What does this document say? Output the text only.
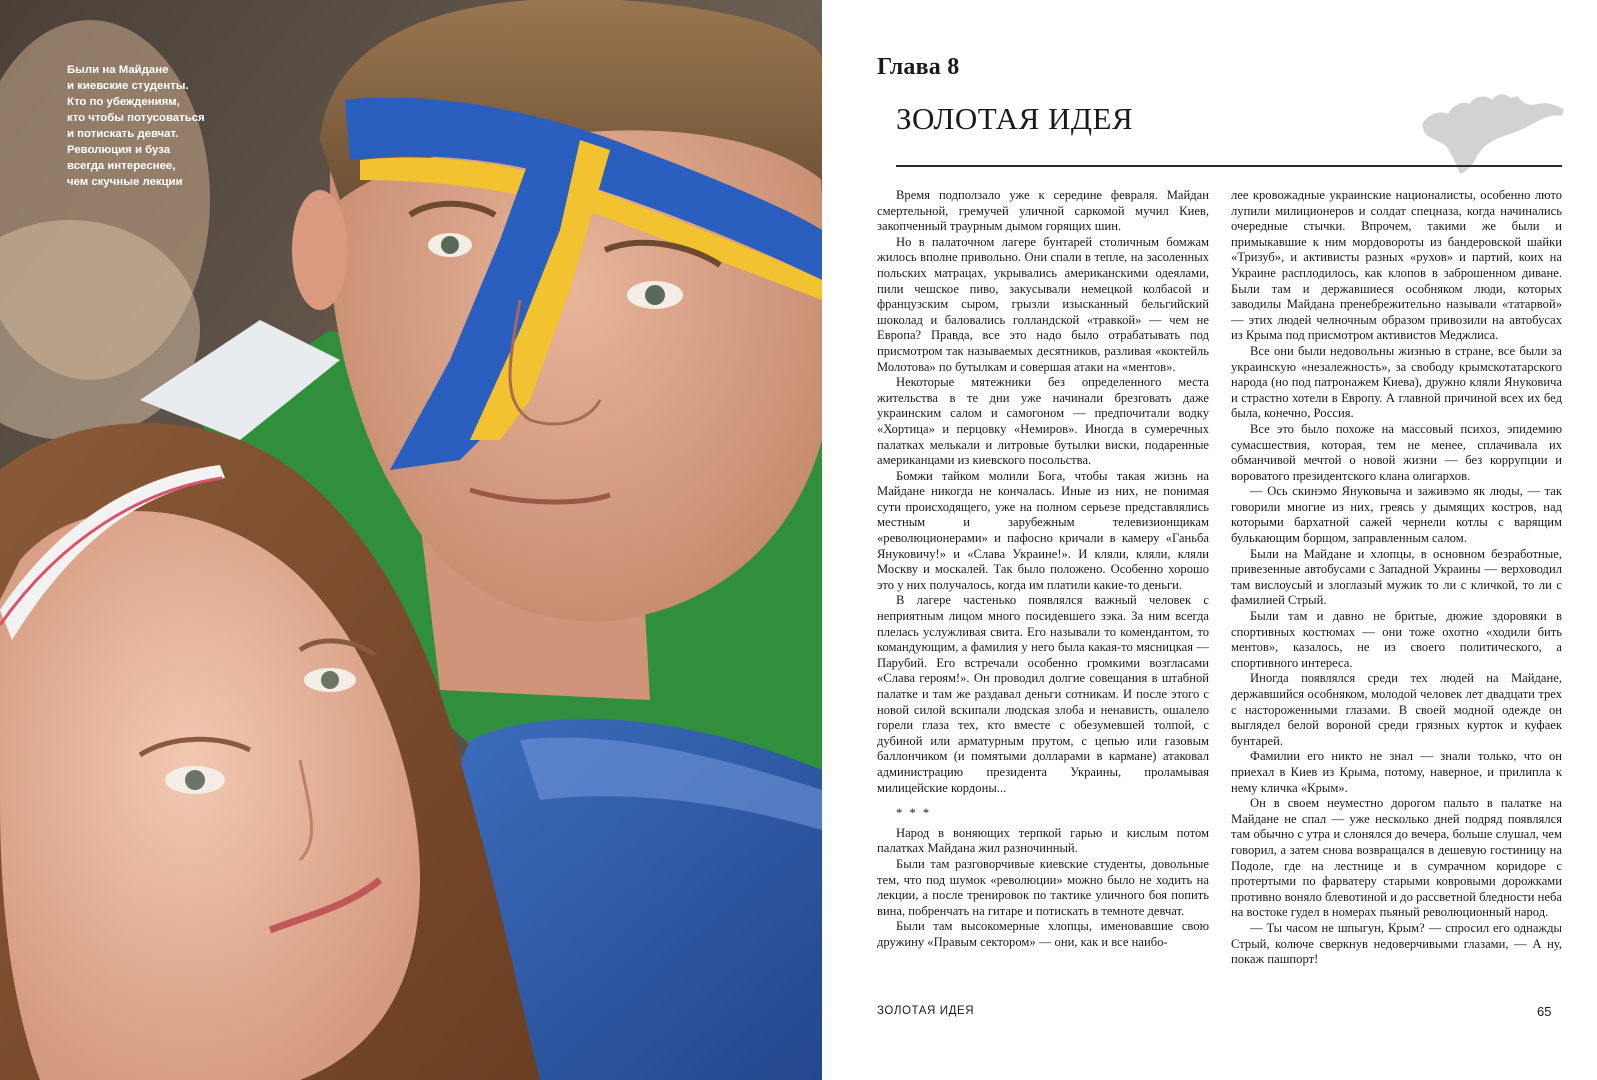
Были на Майдане
и киевские студенты.
Кто по убеждениям,
кто чтобы потусоваться
и потискать девчат.
Революция и буза
всегда интереснее,
чем скучные лекции
Глава 8
ЗОЛОТАЯ ИДЕЯ

Время подползало уже к середине февраля. Майдан смертельной, гремучей уличной саркомой мучил Киев, закопченный траурным дымом горящих шин.

Но в палаточном лагере бунтарей столичным бомжам жилось вполне привольно. Они спали в тепле, на засоленных польских матрацах, укрывались американскими одеялами, пили чешское пиво, закусывали немецкой колбасой и французским сыром, грызли изысканный бельгийский шоколад и баловались голландской «травкой» — чем не Европа? Правда, все это надо было отрабатывать под присмотром так называемых десятников, разливая «коктейль Молотова» по бутылкам и совершая атаки на «ментов».

Некоторые мятежники без определенного места жительства в те дни уже начинали брезговать даже украинским салом и самогоном — предпочитали водку «Хортица» и перцовку «Немиров». Иногда в сумеречных палатках мелькали и литровые бутылки виски, подаренные американцами из киевского посольства.

Бомжи тайком молили Бога, чтобы такая жизнь на Майдане никогда не кончалась. Иные из них, не понимая сути происходящего, уже на полном серьезе представлялись местным и зарубежным телевизионщикам «революционерами» и пафосно кричали в камеру «Ганьба Януковичу!» и «Слава Украине!». И кляли, кляли, кляли Москву и москалей. Так было положено. Особенно хорошо это у них получалось, когда им платили какие-то деньги.

В лагере частенько появлялся важный человек с неприятным лицом много посидевшего зэка. За ним всегда плелась услужливая свита. Его называли то комендантом, то командующим, а фамилия у него была какая-то мясницкая — Парубий. Его встречали особенно громкими возгласами «Слава героям!». Он проводил долгие совещания в штабной палатке и там же раздавал деньги сотникам. И после этого с новой силой вскипали людская злоба и ненависть, ошалело горели глаза тех, кто вместе с обезумевшей толпой, с дубиной или арматурным прутом, с цепью или газовым баллончиком (и помятыми долларами в кармане) атаковал администрацию президента Украины, проламывая милицейские кордоны...

* * *

Народ в воняющих терпкой гарью и кислым потом палатках Майдана жил разночинный.

Были там разговорчивые киевские студенты, довольные тем, что под шумок «революции» можно было не ходить на лекции, а после тренировок по тактике уличного боя попить вина, побренчать на гитаре и потискать в темноте девчат.

Были там высокомерные хлопцы, именовавшие свою дружину «Правым сектором» — они, как и все наибо-

лее кровожадные украинские националисты, особенно люто лупили милиционеров и солдат спецназа, когда начинались очередные стычки. Впрочем, такими же были и примыкавшие к ним мордовороты из бандеровской шайки «Тризуб», и активисты разных «рухов» и партий, коих на Украине расплодилось, как клопов в заброшенном диване. Были там и державшиеся особняком люди, которых заводилы Майдана пренебрежительно называли «татарвой» — этих людей челночным образом привозили на автобусах из Крыма под присмотром активистов Меджлиса.

Все они были недовольны жизнью в стране, все были за украинскую «незалежность», за свободу крымскотатарского народа (но под патронажем Киева), дружно кляли Януковича и страстно хотели в Европу. А главной причиной всех их бед была, конечно, Россия.

Все это было похоже на массовый психоз, эпидемию сумасшествия, которая, тем не менее, сплачивала их обманчивой мечтой о новой жизни — без коррупции и вороватого президентского клана олигархов.

— Ось скинэмо Януковыча и заживэмо як люды, — так говорили многие из них, греясь у дымящих костров, над которыми бархатной сажей чернели котлы с варящим булькающим борщом, заправленным салом.

Были на Майдане и хлопцы, в основном безработные, привезенные автобусами с Западной Украины — верховодил там вислоусый и злоглазый мужик то ли с кличкой, то ли с фамилией Стрый.

Были там и давно не бритые, дюжие здоровяки в спортивных костюмах — они тоже охотно «ходили бить ментов», казалось, не из своего политического, а спортивного интереса.

Иногда появлялся среди тех людей на Майдане, державшийся особняком, молодой человек лет двадцати трех с настороженными глазами. В своей модной одежде он выглядел белой вороной среди грязных курток и куфаек бунтарей.

Фамилии его никто не знал — знали только, что он приехал в Киев из Крыма, потому, наверное, и прилипла к нему кличка «Крым».

Он в своем неуместно дорогом пальто в палатке на Майдане не спал — уже несколько дней подряд появлялся там обычно с утра и слонялся до вечера, больше слушал, чем говорил, а затем снова возвращался в дешевую гостиницу на Подоле, где на лестнице и в сумрачном коридоре с протертыми по фарватеру старыми ковровыми дорожками противно воняло блевотиной и до рассветной бледности неба на востоке гудел в номерах пьяный революционный народ.

— Ты часом не шпыгун, Крым? — спросил его однажды Стрый, колюче сверкнув недоверчивыми глазами, — А ну, покаж пашпорт!

ЗОЛОТАЯ ИДЕЯ	65
